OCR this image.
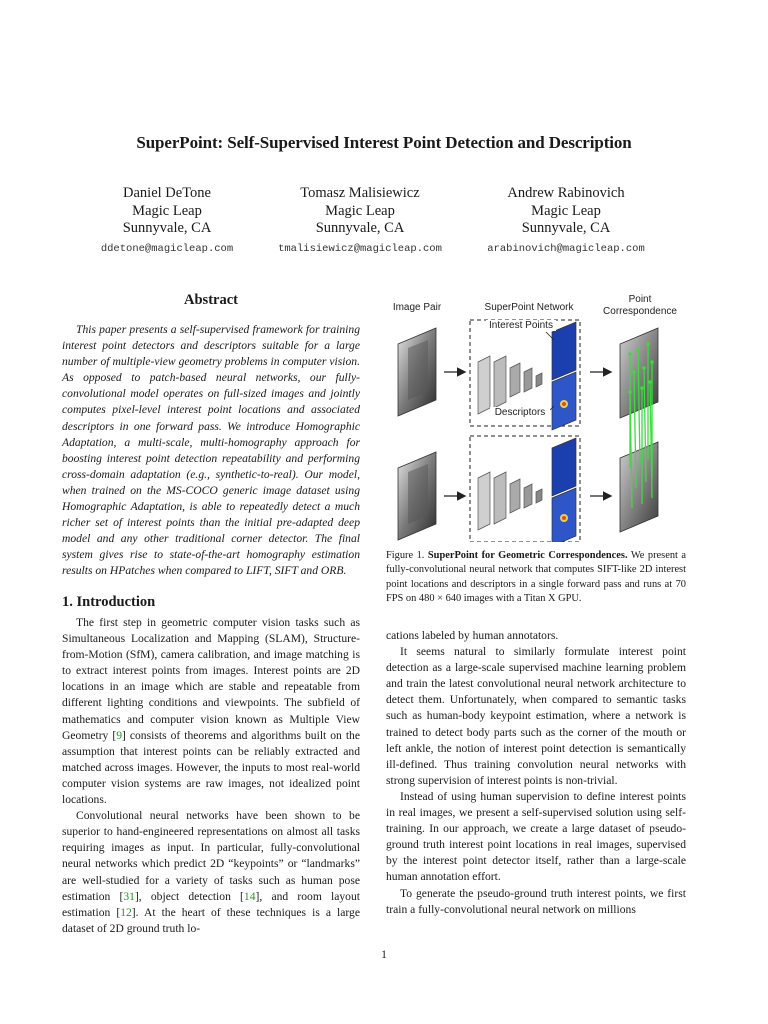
SuperPoint: Self-Supervised Interest Point Detection and Description
Daniel DeTone
Magic Leap
Sunnyvale, CA
ddetone@magicleap.com
Tomasz Malisiewicz
Magic Leap
Sunnyvale, CA
tmalisiewicz@magicleap.com
Andrew Rabinovich
Magic Leap
Sunnyvale, CA
arabinovich@magicleap.com
Abstract
This paper presents a self-supervised framework for training interest point detectors and descriptors suitable for a large number of multiple-view geometry problems in computer vision. As opposed to patch-based neural networks, our fully-convolutional model operates on full-sized images and jointly computes pixel-level interest point locations and associated descriptors in one forward pass. We introduce Homographic Adaptation, a multi-scale, multi-homography approach for boosting interest point detection repeatability and performing cross-domain adaptation (e.g., synthetic-to-real). Our model, when trained on the MS-COCO generic image dataset using Homographic Adaptation, is able to repeatedly detect a much richer set of interest points than the initial pre-adapted deep model and any other traditional corner detector. The final system gives rise to state-of-the-art homography estimation results on HPatches when compared to LIFT, SIFT and ORB.
1. Introduction

The first step in geometric computer vision tasks such as Simultaneous Localization and Mapping (SLAM), Structure-from-Motion (SfM), camera calibration, and image matching is to extract interest points from images. Interest points are 2D locations in an image which are stable and repeatable from different lighting conditions and viewpoints. The subfield of mathematics and computer vision known as Multiple View Geometry [9] consists of theorems and algorithms built on the assumption that interest points can be reliably extracted and matched across images. However, the inputs to most real-world computer vision systems are raw images, not idealized point locations.

Convolutional neural networks have been shown to be superior to hand-engineered representations on almost all tasks requiring images as input. In particular, fully-convolutional neural networks which predict 2D “keypoints” or “landmarks” are well-studied for a variety of tasks such as human pose estimation [31], object detection [14], and room layout estimation [12]. At the heart of these techniques is a large dataset of 2D ground truth lo-

cations labeled by human annotators.

It seems natural to similarly formulate interest point detection as a large-scale supervised machine learning problem and train the latest convolutional neural network architecture to detect them. Unfortunately, when compared to semantic tasks such as human-body keypoint estimation, where a network is trained to detect body parts such as the corner of the mouth or left ankle, the notion of interest point detection is semantically ill-defined. Thus training convolution neural networks with strong supervision of interest points is non-trivial.

Instead of using human supervision to define interest points in real images, we present a self-supervised solution using self-training. In our approach, we create a large dataset of pseudo-ground truth interest point locations in real images, supervised by the interest point detector itself, rather than a large-scale human annotation effort.

To generate the pseudo-ground truth interest points, we first train a fully-convolutional neural network on millions

Image Pair	SuperPoint Network
Point
Correspondence
Interest Points
Descriptors
Figure 1. SuperPoint for Geometric Correspondences. We present a fully-convolutional neural network that computes SIFT-like 2D interest point locations and descriptors in a single forward pass and runs at 70 FPS on 480 × 640 images with a Titan X GPU.
1
